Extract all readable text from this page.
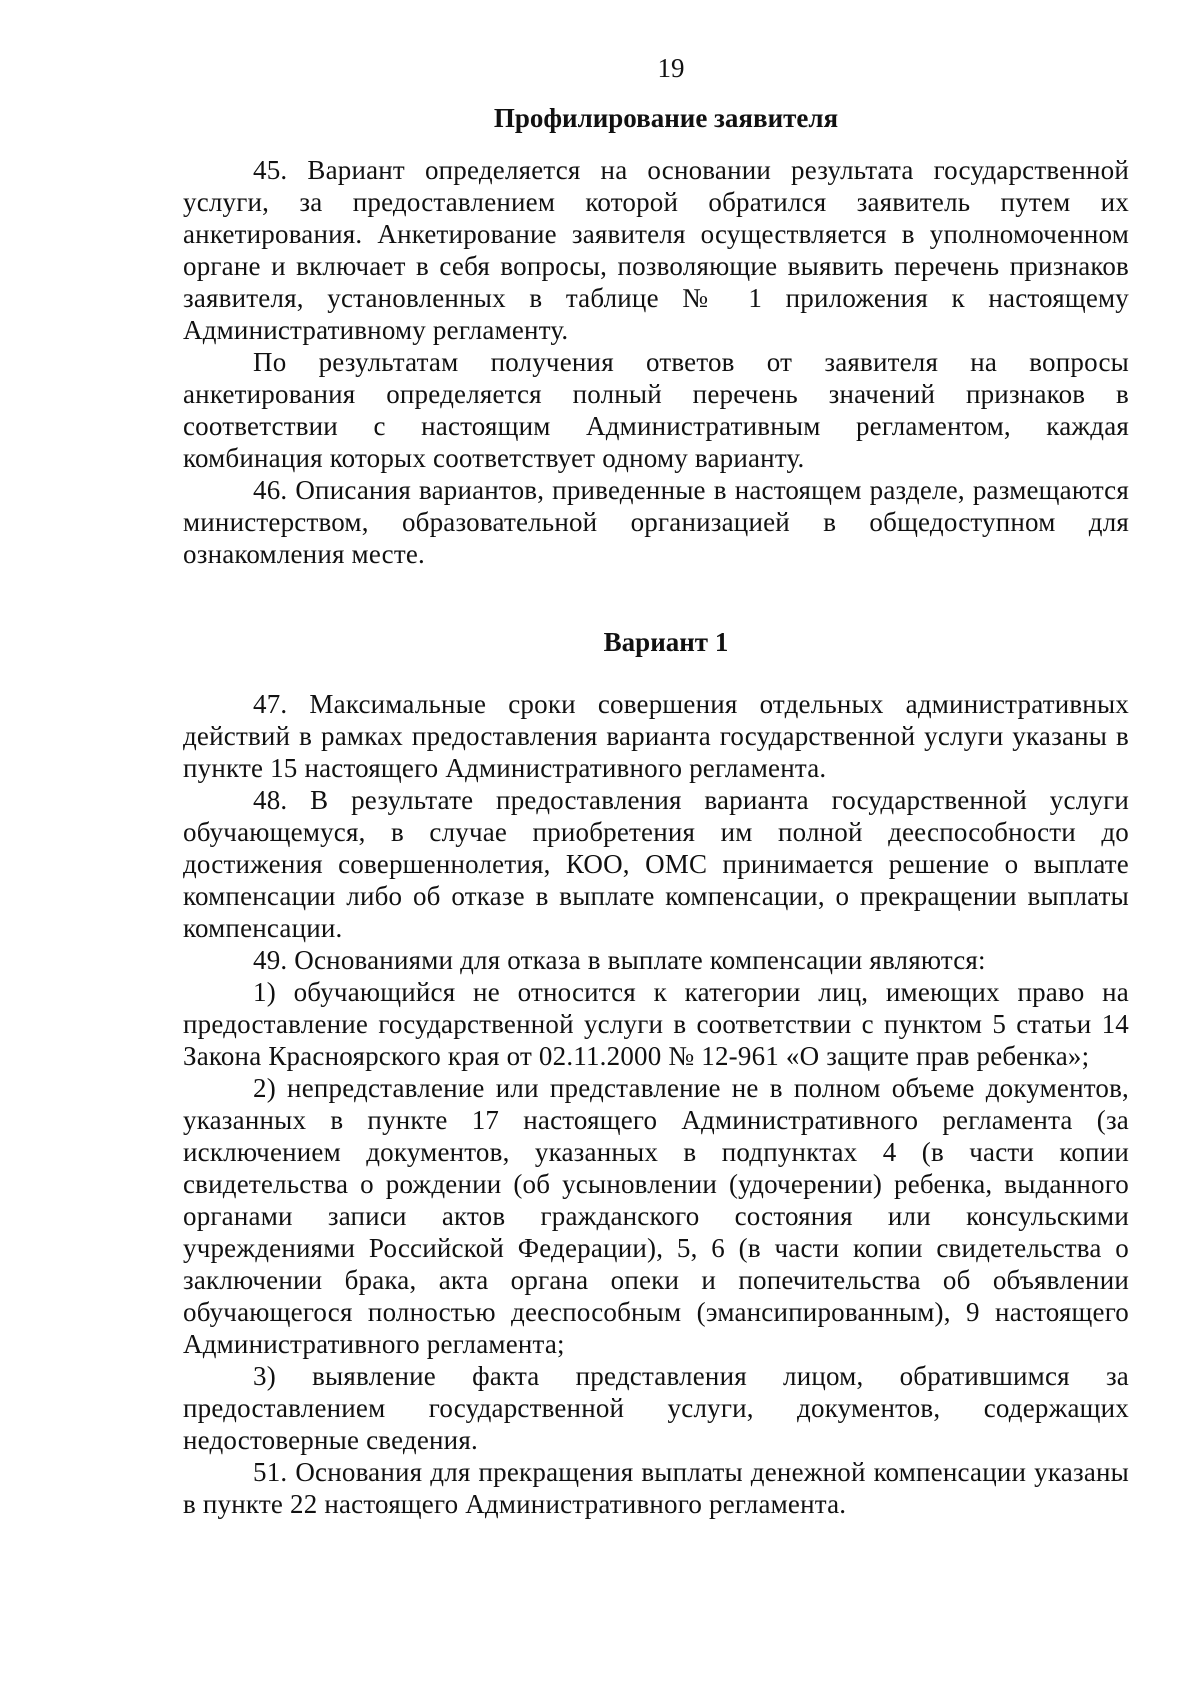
19
Профилирование заявителя

45. Вариант определяется на основании результата государственной услуги, за предоставлением которой обратился заявитель путем их анкетирования. Анкетирование заявителя осуществляется в уполномоченном органе и включает в себя вопросы, позволяющие выявить перечень признаков заявителя, установленных в таблице № 1 приложения к настоящему Административному регламенту.

По результатам получения ответов от заявителя на вопросы анкетирования определяется полный перечень значений признаков в соответствии с настоящим Административным регламентом, каждая комбинация которых соответствует одному варианту.

46. Описания вариантов, приведенные в настоящем разделе, размещаются министерством, образовательной организацией в общедоступном для ознакомления месте.

Вариант 1

47. Максимальные сроки совершения отдельных административных действий в рамках предоставления варианта государственной услуги указаны в пункте 15 настоящего Административного регламента.

48. В результате предоставления варианта государственной услуги обучающемуся, в случае приобретения им полной дееспособности до достижения совершеннолетия, КОО, ОМС принимается решение о выплате компенсации либо об отказе в выплате компенсации, о прекращении выплаты компенсации.

49. Основаниями для отказа в выплате компенсации являются:

1) обучающийся не относится к категории лиц, имеющих право на предоставление государственной услуги в соответствии с пунктом 5 статьи 14 Закона Красноярского края от 02.11.2000 № 12-961 «О защите прав ребенка»;

2) непредставление или представление не в полном объеме документов, указанных в пункте 17 настоящего Административного регламента (за исключением документов, указанных в подпунктах 4 (в части копии свидетельства о рождении (об усыновлении (удочерении) ребенка, выданного органами записи актов гражданского состояния или консульскими учреждениями Российской Федерации), 5, 6 (в части копии свидетельства о заключении брака, акта органа опеки и попечительства об объявлении обучающегося полностью дееспособным (эмансипированным), 9 настоящего Административного регламента;

3) выявление факта представления лицом, обратившимся за предоставлением государственной услуги, документов, содержащих недостоверные сведения.

51. Основания для прекращения выплаты денежной компенсации указаны в пункте 22 настоящего Административного регламента.
